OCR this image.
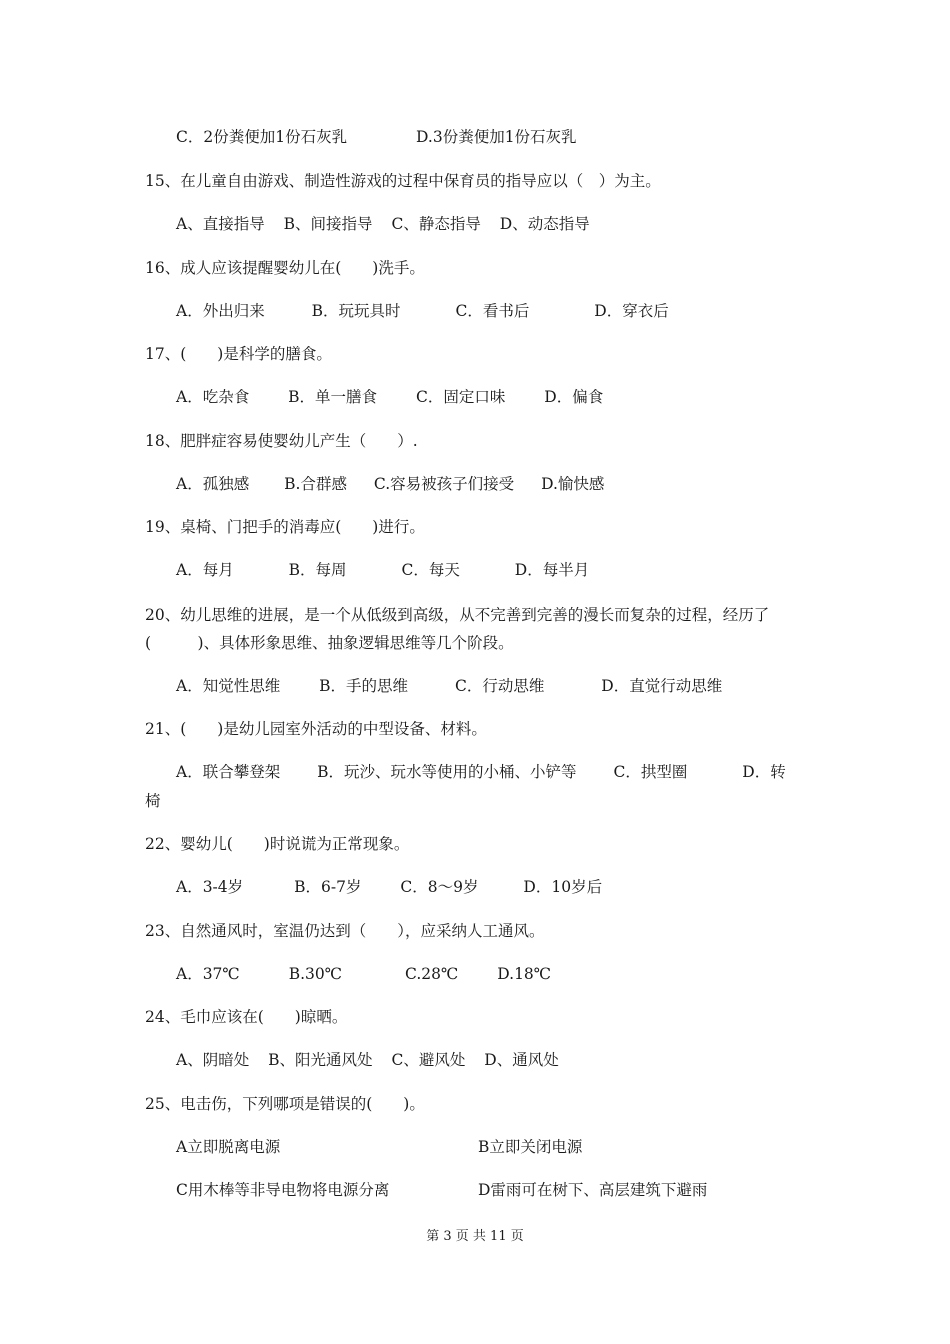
C．2份粪便加1份石灰乳	D.3份粪便加1份石灰乳
15、在儿童自由游戏、制造性游戏的过程中保育员的指导应以（　）为主。
A、直接指导 B、间接指导 C、静态指导 D、动态指导
16、成人应该提醒婴幼儿在(　　)洗手。
A．外出归来	B．玩玩具时	C．看书后	D．穿衣后
17、(　　)是科学的膳食。
A．吃杂食	B．单一膳食	C．固定口味	D．偏食
18、肥胖症容易使婴幼儿产生（　　）.
A．孤独感 B.合群感 C.容易被孩子们接受 D.愉快感
19、桌椅、门把手的消毒应(　　)进行。
A．每月	B．每周	C．每天	D．每半月
20、幼儿思维的进展，是一个从低级到高级，从不完善到完善的漫长而复杂的过程，经历了(　　　)、具体形象思维、抽象逻辑思维等几个阶段。
A．知觉性思维	B．手的思维	C．行动思维	D．直觉行动思维
21、(　　)是幼儿园室外活动的中型设备、材料。
A．联合攀登架 B．玩沙、玩水等使用的小桶、小铲等 C．拱型圈	D．转
椅
22、婴幼儿(　　)时说谎为正常现象。
A．3-4岁	B．6-7岁	C．8～9岁	D．10岁后
23、自然通风时，室温仍达到（　　），应采纳人工通风。
A．37℃	B.30℃	C.28℃	D.18℃
24、毛巾应该在(　　)晾晒。
A、阴暗处 B、阳光通风处 C、避风处 D、通风处
25、电击伤，下列哪项是错误的(　　)。
A立即脱离电源	B立即关闭电源
C用木棒等非导电物将电源分离	D雷雨可在树下、高层建筑下避雨
第 3 页 共 11 页
